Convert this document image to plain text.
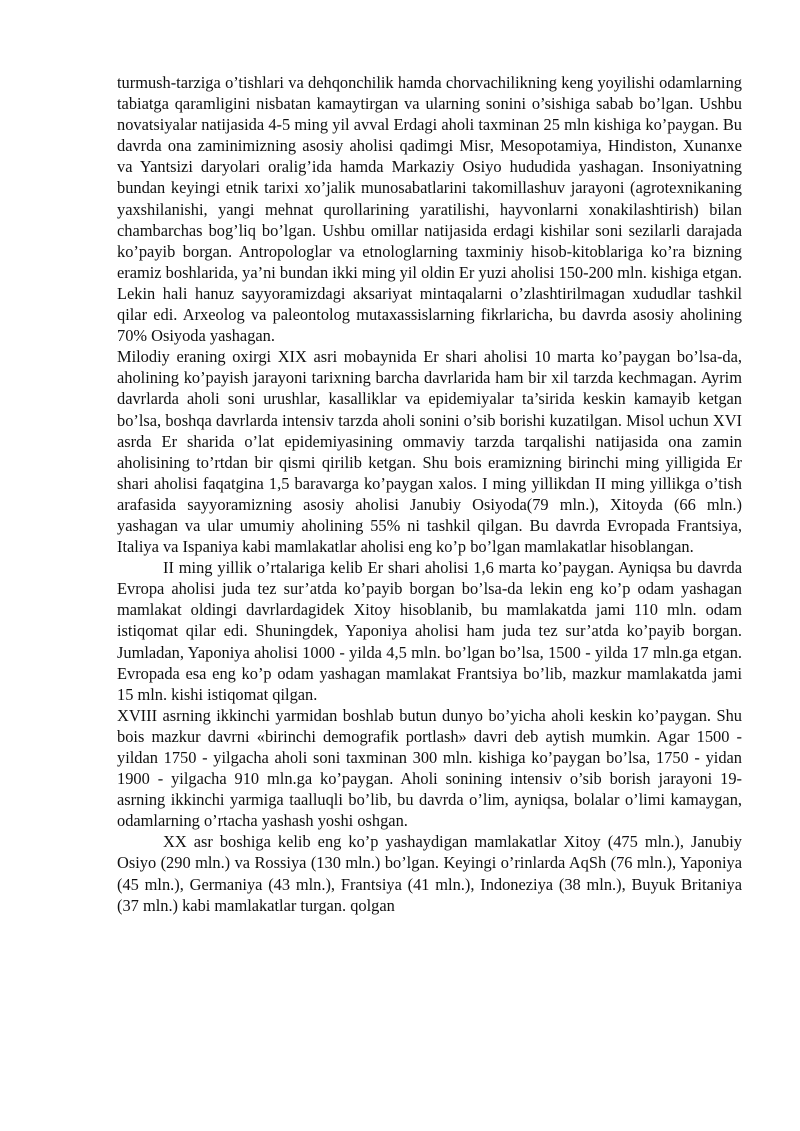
turmush-tarziga o’tishlari va dehqonchilik hamda chorvachilikning keng yoyilishi odamlarning tabiatga qaramligini nisbatan kamaytirgan va ularning sonini o’sishiga sabab bo’lgan. Ushbu novatsiyalar natijasida 4-5 ming yil avval Erdagi aholi taxminan 25 mln kishiga ko’paygan. Bu davrda ona zaminimizning asosiy aholisi qadimgi Misr, Mesopotamiya, Hindiston, Xunanxe va Yantsizi daryolari oralig’ida hamda Markaziy Osiyo hududida yashagan. Insoniyatning bundan keyingi etnik tarixi xo’jalik munosabatlarini takomillashuv jarayoni (agrotexnikaning yaxshilanishi, yangi mehnat qurollarining yaratilishi, hayvonlarni xonakilashtirish) bilan chambarchas bog’liq bo’lgan. Ushbu omillar natijasida erdagi kishilar soni sezilarli darajada ko’payib borgan. Antropologlar va etnologlarning taxminiy hisob-kitoblariga ko’ra bizning eramiz boshlarida, ya’ni bundan ikki ming yil oldin Er yuzi aholisi 150-200 mln. kishiga etgan. Lekin hali hanuz sayyoramizdagi aksariyat mintaqalarni o’zlashtirilmagan xududlar tashkil qilar edi. Arxeolog va paleontolog mutaxassislarning fikrlaricha, bu davrda asosiy aholining 70% Osiyoda yashagan.

Milodiy eraning oxirgi XIX asri mobaynida Er shari aholisi 10 marta ko’paygan bo’lsa-da, aholining ko’payish jarayoni tarixning barcha davrlarida ham bir xil tarzda kechmagan. Ayrim davrlarda aholi soni urushlar, kasalliklar va epidemiyalar ta’sirida keskin kamayib ketgan bo’lsa, boshqa davrlarda intensiv tarzda aholi sonini o’sib borishi kuzatilgan. Misol uchun XVI asrda Er sharida o’lat epidemiyasining ommaviy tarzda tarqalishi natijasida ona zamin aholisining to’rtdan bir qismi qirilib ketgan. Shu bois eramizning birinchi ming yilligida Er shari aholisi faqatgina 1,5 baravarga ko’paygan xalos. I ming yillikdan II ming yillikga o’tish arafasida sayyoramizning asosiy aholisi Janubiy Osiyoda(79 mln.), Xitoyda (66 mln.) yashagan va ular umumiy aholining 55% ni tashkil qilgan. Bu davrda Evropada Frantsiya, Italiya va Ispaniya kabi mamlakatlar aholisi eng ko’p bo’lgan mamlakatlar hisoblangan.

II ming yillik o’rtalariga kelib Er shari aholisi 1,6 marta ko’paygan. Ayniqsa bu davrda Evropa aholisi juda tez sur’atda ko’payib borgan bo’lsa-da lekin eng ko’p odam yashagan mamlakat oldingi davrlardagidek Xitoy hisoblanib, bu mamlakatda jami 110 mln. odam istiqomat qilar edi. Shuningdek, Yaponiya aholisi ham juda tez sur’atda ko’payib borgan. Jumladan, Yaponiya aholisi 1000 - yilda 4,5 mln. bo’lgan bo’lsa, 1500 - yilda 17 mln.ga etgan. Evropada esa eng ko’p odam yashagan mamlakat Frantsiya bo’lib, mazkur mamlakatda jami 15 mln. kishi istiqomat qilgan.

XVIII asrning ikkinchi yarmidan boshlab butun dunyo bo’yicha aholi keskin ko’paygan. Shu bois mazkur davrni «birinchi demografik portlash» davri deb aytish mumkin. Agar 1500 - yildan 1750 - yilgacha aholi soni taxminan 300 mln. kishiga ko’paygan bo’lsa, 1750 - yidan 1900 - yilgacha 910 mln.ga ko’paygan. Aholi sonining intensiv o’sib borish jarayoni 19-asrning ikkinchi yarmiga taalluqli bo’lib, bu davrda o’lim, ayniqsa, bolalar o’limi kamaygan, odamlarning o’rtacha yashash yoshi oshgan.

XX asr boshiga kelib eng ko’p yashaydigan mamlakatlar Xitoy (475 mln.), Janubiy Osiyo (290 mln.) va Rossiya (130 mln.) bo’lgan. Keyingi o’rinlarda AqSh (76 mln.), Yaponiya (45 mln.), Germaniya (43 mln.), Frantsiya (41 mln.), Indoneziya (38 mln.), Buyuk Britaniya (37 mln.) kabi mamlakatlar turgan. qolgan
